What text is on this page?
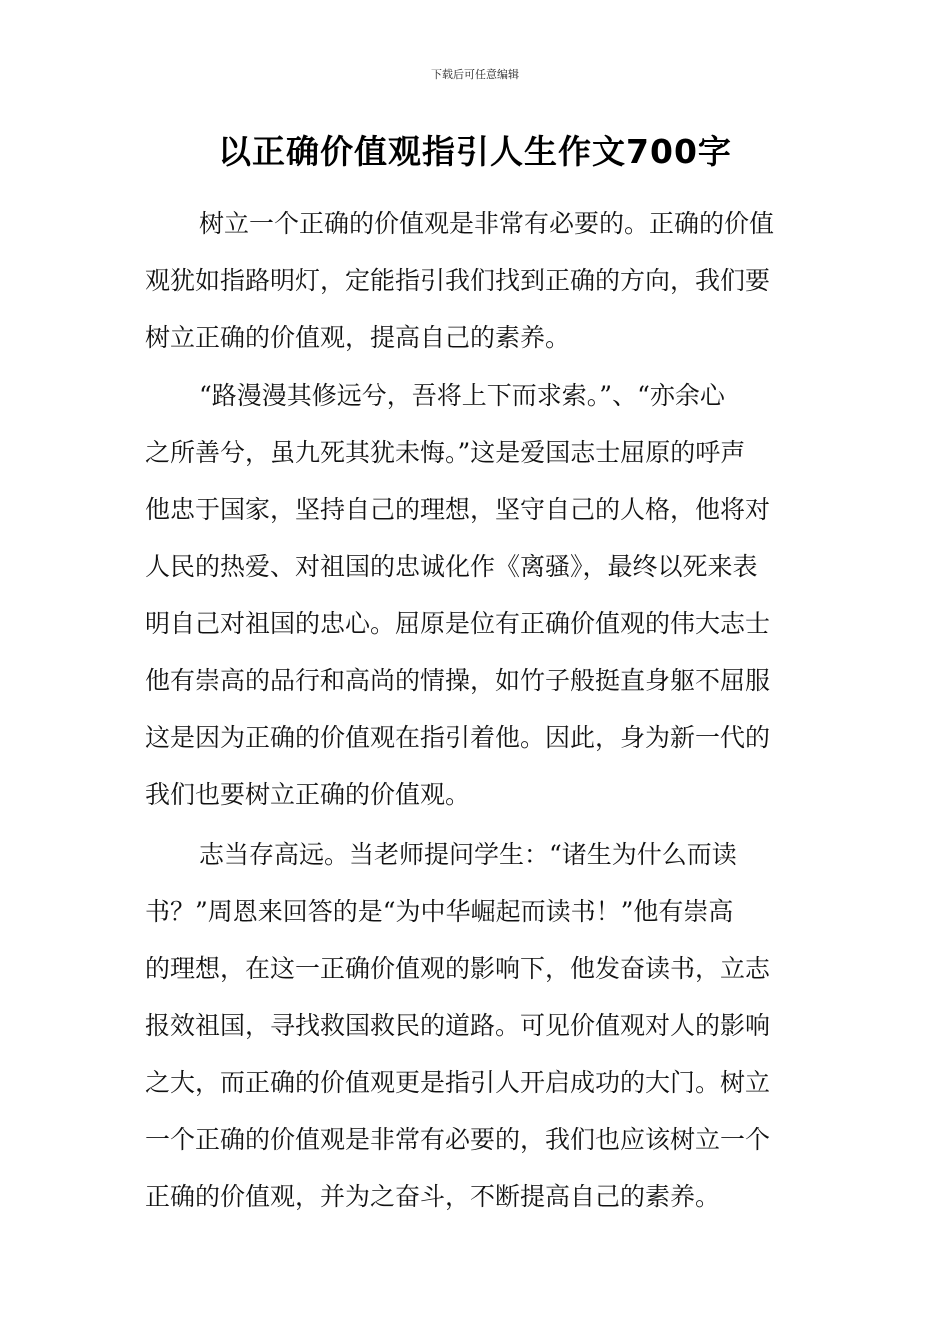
下载后可任意编辑
以正确价值观指引人生作文700字
树立一个正确的价值观是非常有必要的。正确的价值
观犹如指路明灯，定能指引我们找到正确的方向，我们要
树立正确的价值观，提高自己的素养。
“路漫漫其修远兮，吾将上下而求索。”、“亦余心
之所善兮，虽九死其犹未悔。”这是爱国志士屈原的呼声
他忠于国家，坚持自己的理想，坚守自己的人格，他将对
人民的热爱、对祖国的忠诚化作《离骚》，最终以死来表
明自己对祖国的忠心。屈原是位有正确价值观的伟大志士
他有崇高的品行和高尚的情操，如竹子般挺直身躯不屈服
这是因为正确的价值观在指引着他。因此，身为新一代的
我们也要树立正确的价值观。
志当存高远。当老师提问学生：“诸生为什么而读
书？”周恩来回答的是“为中华崛起而读书！”他有崇高
的理想，在这一正确价值观的影响下，他发奋读书，立志
报效祖国，寻找救国救民的道路。可见价值观对人的影响
之大，而正确的价值观更是指引人开启成功的大门。树立
一个正确的价值观是非常有必要的，我们也应该树立一个
正确的价值观，并为之奋斗，不断提高自己的素养。
